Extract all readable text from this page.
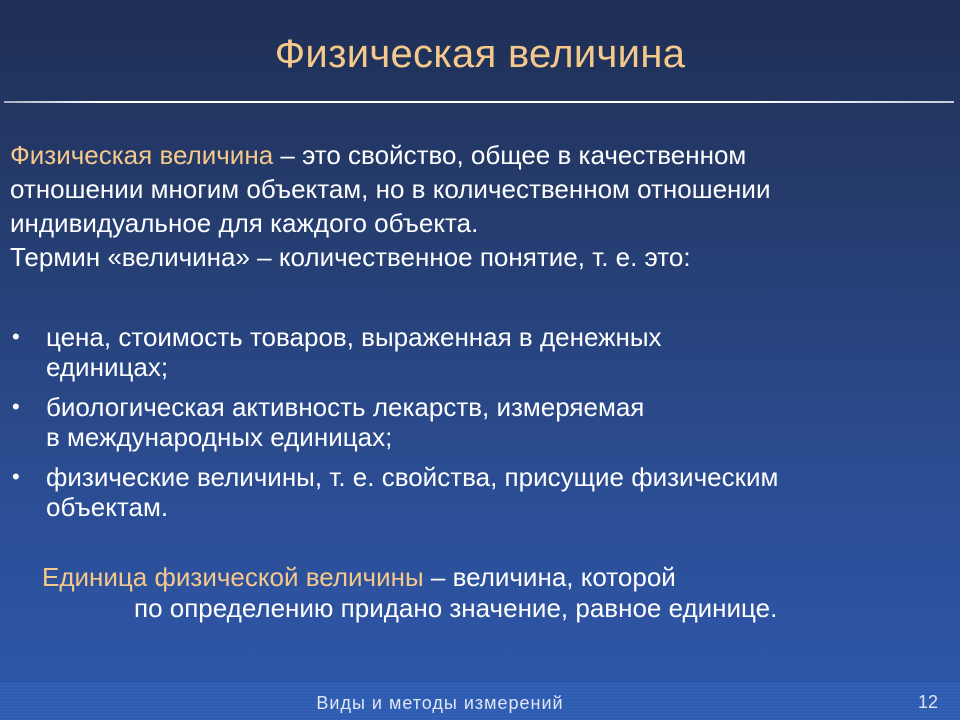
Физическая величина

Физическая величина – это свойство, общее в качественном
отношении многим объектам, но в количественном отношении
индивидуальное для каждого объекта.

Термин «величина» – количественное понятие, т. е. это:

• цена, стоимость товаров, выраженная в денежных
единицах;
• биологическая активность лекарств, измеряемая
в международных единицах;
• физические величины, т. е. свойства, присущие физическим
объектам.
Единица физической величины – величина, которой
по определению придано значение, равное единице.
Виды и методы измерений	12
